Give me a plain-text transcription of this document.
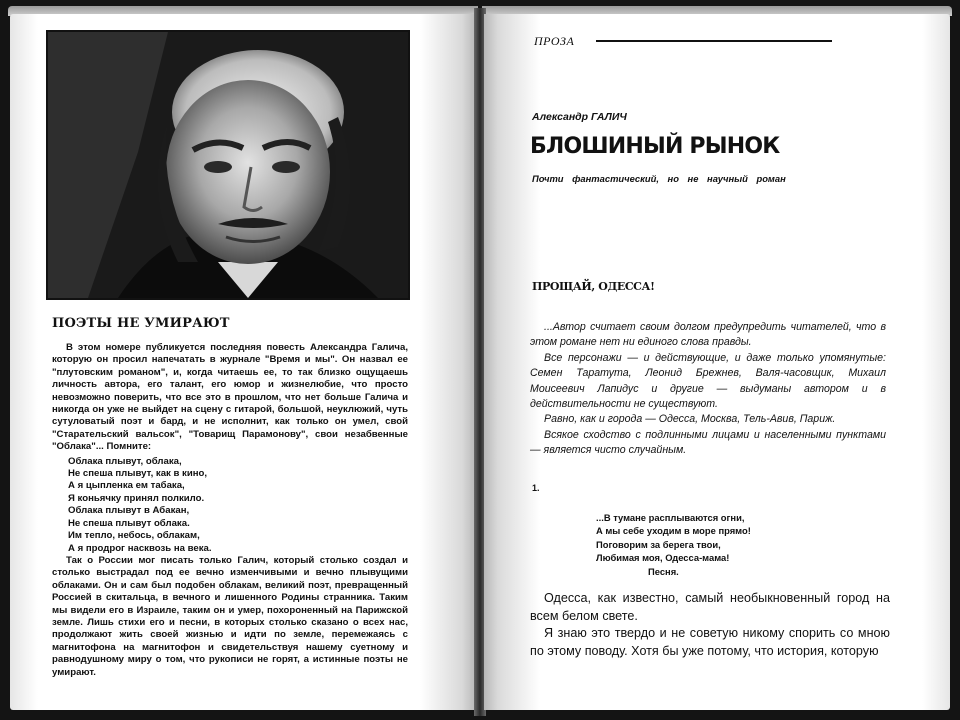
ПОЭТЫ НЕ УМИРАЮТ

В этом номере публикуется последняя повесть Александра Галича, которую он просил напечатать в журнале "Время и мы". Он назвал ее "плутовским романом", и, когда читаешь ее, то так близко ощущаешь личность автора, его талант, его юмор и жизнелюбие, что просто невозможно поверить, что все это в прошлом, что нет больше Галича и никогда он уже не выйдет на сцену с гитарой, большой, неуклюжий, чуть сутуловатый поэт и бард, и не исполнит, как только он умел, свой "Старательский вальсок", "Товарищ Парамонову", свои незабвенные "Облака"... Помните:

Облака плывут, облака,
Не спеша плывут, как в кино,
А я цыпленка ем табака,
Я коньячку принял полкило.
Облака плывут в Абакан,
Не спеша плывут облака.
Им тепло, небось, облакам,
А я продрог насквозь на века.

Так о России мог писать только Галич, который столько создал и столько выстрадал под ее вечно изменчивыми и вечно плывущими облаками. Он и сам был подобен облакам, великий поэт, превращенный Россией в скитальца, в вечного и лишенного Родины странника. Таким мы видели его в Израиле, таким он и умер, похороненный на Парижской земле. Лишь стихи его и песни, в которых столько сказано о всех нас, продолжают жить своей жизнью и идти по земле, перемежаясь с магнитофона на магнитофон и свидетельствуя нашему суетному и равнодушному миру о том, что рукописи не горят, а истинные поэты не умирают.

ПРОЗА
Александр ГАЛИЧ
БЛОШИНЫЙ РЫНОК
Почти фантастический, но не научный роман
ПРОЩАЙ, ОДЕССА!

...Автор считает своим долгом предупредить читателей, что в этом романе нет ни единого слова правды.

Все персонажи — и действующие, и даже только упомянутые: Семен Таратута, Леонид Брежнев, Валя-часовщик, Михаил Моисеевич Лапидус и другие — выдуманы автором и в действительности не существуют.

Равно, как и города — Одесса, Москва, Тель-Авив, Париж.

Всякое сходство с подлинными лицами и населенными пунктами — является чисто случайным.

1.
...В тумане расплываются огни,
А мы себе уходим в море прямо!
Поговорим за берега твои,
Любимая моя, Одесса-мама!
Песня.

Одесса, как известно, самый необыкновенный город на всем белом свете.

Я знаю это твердо и не советую никому спорить со мною по этому поводу. Хотя бы уже потому, что история, которую
